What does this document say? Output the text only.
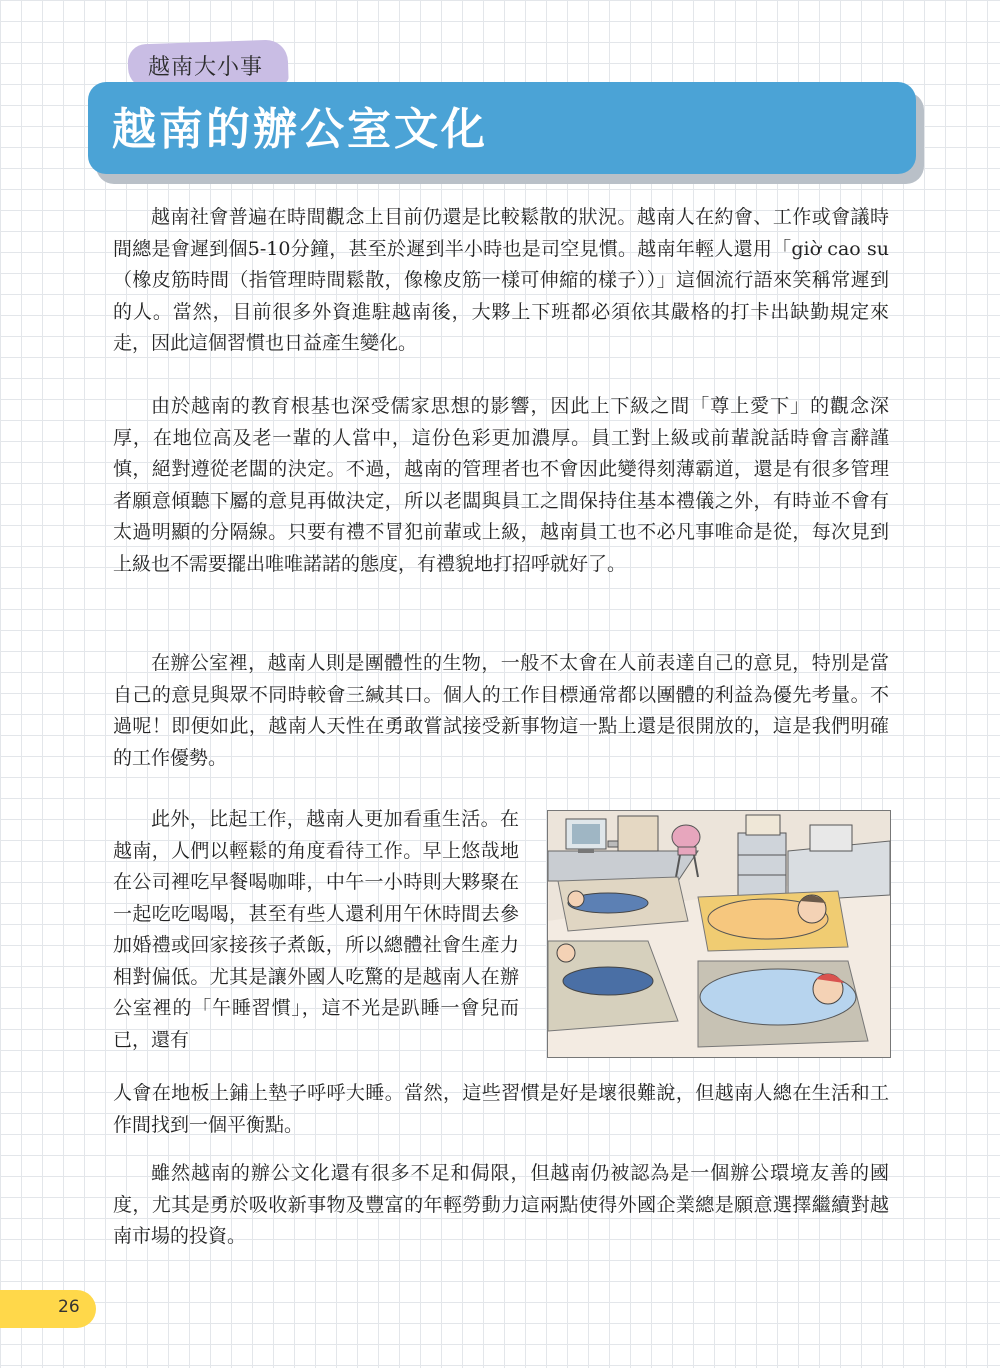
越南大小事
越南的辦公室文化

越南社會普遍在時間觀念上目前仍還是比較鬆散的狀況。越南人在約會、工作或會議時間總是會遲到個5-10分鐘，甚至於遲到半小時也是司空見慣。越南年輕人還用「giờ cao su（橡皮筋時間（指管理時間鬆散，像橡皮筋一樣可伸縮的樣子））」這個流行語來笑稱常遲到的人。當然，目前很多外資進駐越南後，大夥上下班都必須依其嚴格的打卡出缺勤規定來走，因此這個習慣也日益產生變化。

由於越南的教育根基也深受儒家思想的影響，因此上下級之間「尊上愛下」的觀念深厚，在地位高及老一輩的人當中，這份色彩更加濃厚。員工對上級或前輩說話時會言辭謹慎，絕對遵從老闆的決定。不過，越南的管理者也不會因此變得刻薄霸道，還是有很多管理者願意傾聽下屬的意見再做決定，所以老闆與員工之間保持住基本禮儀之外，有時並不會有太過明顯的分隔線。只要有禮不冒犯前輩或上級，越南員工也不必凡事唯命是從，每次見到上級也不需要擺出唯唯諾諾的態度，有禮貌地打招呼就好了。

在辦公室裡，越南人則是團體性的生物，一般不太會在人前表達自己的意見，特別是當自己的意見與眾不同時較會三緘其口。個人的工作目標通常都以團體的利益為優先考量。不過呢！即便如此，越南人天性在勇敢嘗試接受新事物這一點上還是很開放的，這是我們明確的工作優勢。

此外，比起工作，越南人更加看重生活。在越南，人們以輕鬆的角度看待工作。早上悠哉地在公司裡吃早餐喝咖啡，中午一小時則大夥聚在一起吃吃喝喝，甚至有些人還利用午休時間去參加婚禮或回家接孩子煮飯，所以總體社會生產力相對偏低。尤其是讓外國人吃驚的是越南人在辦公室裡的「午睡習慣」，這不光是趴睡一會兒而已，還有

人會在地板上鋪上墊子呼呼大睡。當然，這些習慣是好是壞很難說，但越南人總在生活和工作間找到一個平衡點。

雖然越南的辦公文化還有很多不足和侷限，但越南仍被認為是一個辦公環境友善的國度，尤其是勇於吸收新事物及豐富的年輕勞動力這兩點使得外國企業總是願意選擇繼續對越南市場的投資。

26
